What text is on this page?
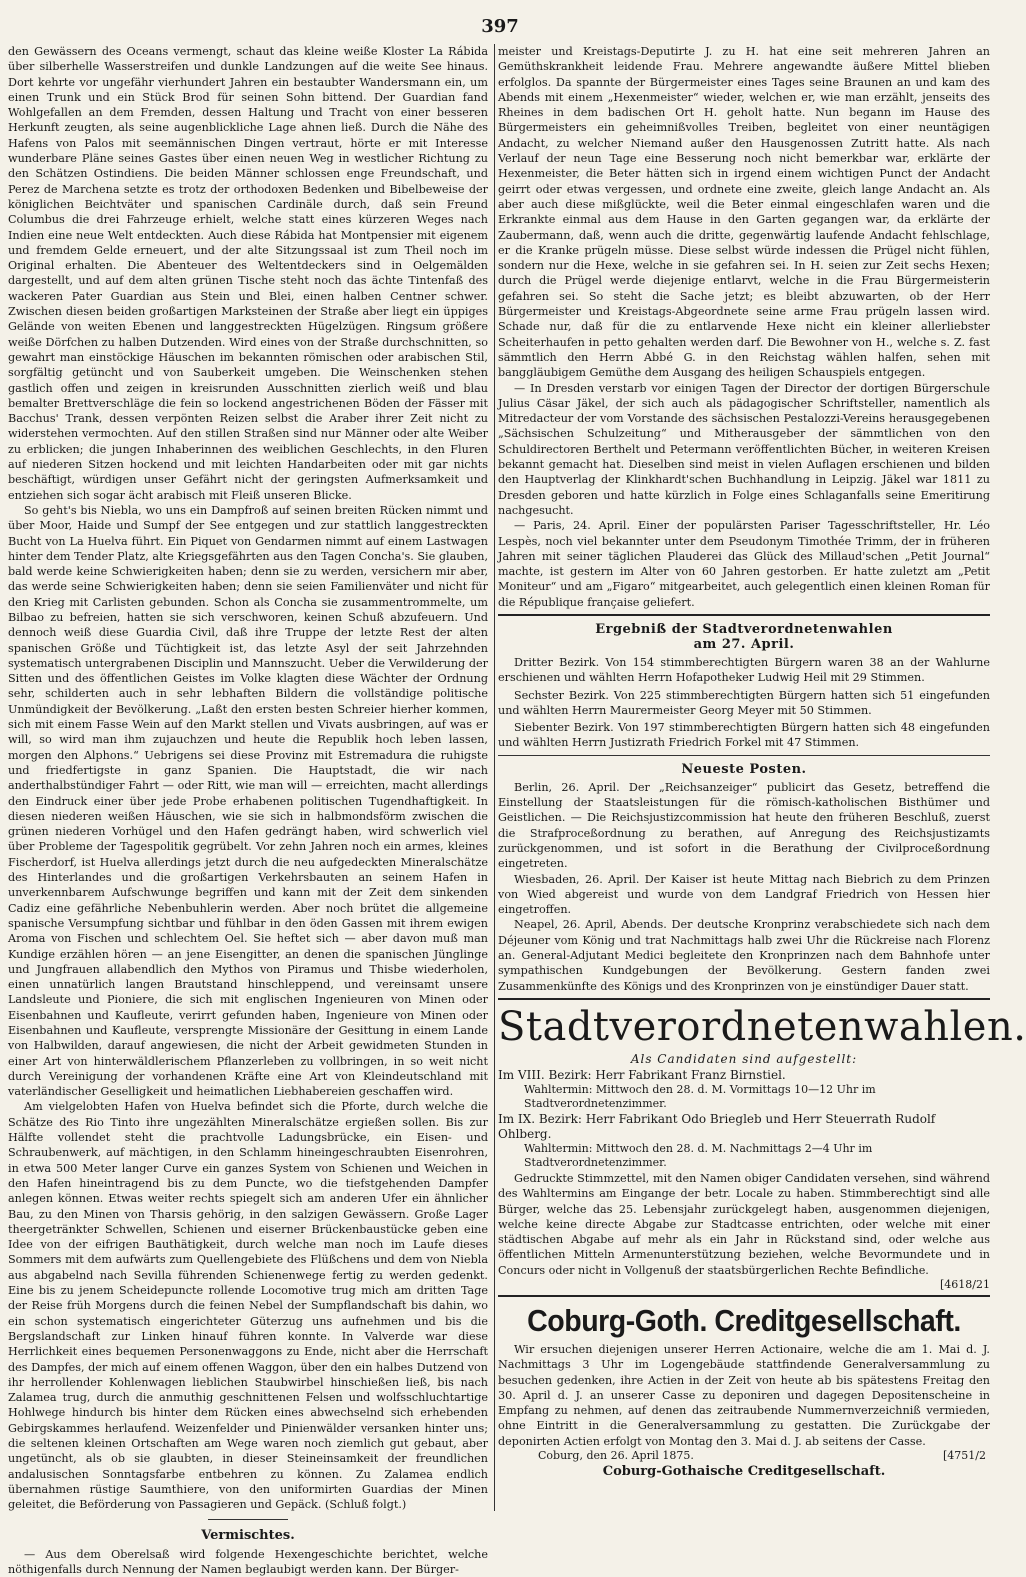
397

den Gewässern des Oceans vermengt, schaut das kleine weiße Kloster La Rábida über silberhelle Wasserstreifen und dunkle Landzungen auf die weite See hinaus. Dort kehrte vor ungefähr vierhundert Jahren ein bestaubter Wandersmann ein, um einen Trunk und ein Stück Brod für seinen Sohn bittend. Der Guardian fand Wohlgefallen an dem Fremden, dessen Haltung und Tracht von einer besseren Herkunft zeugten, als seine augenblickliche Lage ahnen ließ. Durch die Nähe des Hafens von Palos mit seemännischen Dingen vertraut, hörte er mit Interesse wunderbare Pläne seines Gastes über einen neuen Weg in westlicher Richtung zu den Schätzen Ostindiens. Die beiden Männer schlossen enge Freundschaft, und Perez de Marchena setzte es trotz der orthodoxen Bedenken und Bibelbeweise der königlichen Beichtväter und spanischen Cardinäle durch, daß sein Freund Columbus die drei Fahrzeuge erhielt, welche statt eines kürzeren Weges nach Indien eine neue Welt entdeckten. Auch diese Rábida hat Montpensier mit eigenem und fremdem Gelde erneuert, und der alte Sitzungssaal ist zum Theil noch im Original erhalten. Die Abenteuer des Weltentdeckers sind in Oelgemälden dargestellt, und auf dem alten grünen Tische steht noch das ächte Tintenfaß des wackeren Pater Guardian aus Stein und Blei, einen halben Centner schwer. Zwischen diesen beiden großartigen Marksteinen der Straße aber liegt ein üppiges Gelände von weiten Ebenen und langgestreckten Hügelzügen. Ringsum größere weiße Dörfchen zu halben Dutzenden. Wird eines von der Straße durchschnitten, so gewahrt man einstöckige Häuschen im bekannten römischen oder arabischen Stil, sorgfältig getüncht und von Sauberkeit umgeben. Die Weinschenken stehen gastlich offen und zeigen in kreisrunden Ausschnitten zierlich weiß und blau bemalter Brettverschläge die fein so lockend angestrichenen Böden der Fässer mit Bacchus' Trank, dessen verpönten Reizen selbst die Araber ihrer Zeit nicht zu widerstehen vermochten. Auf den stillen Straßen sind nur Männer oder alte Weiber zu erblicken; die jungen Inhaberinnen des weiblichen Geschlechts, in den Fluren auf niederen Sitzen hockend und mit leichten Handarbeiten oder mit gar nichts beschäftigt, würdigen unser Gefährt nicht der geringsten Aufmerksamkeit und entziehen sich sogar ächt arabisch mit Fleiß unseren Blicke.

So geht's bis Niebla, wo uns ein Dampfroß auf seinen breiten Rücken nimmt und über Moor, Haide und Sumpf der See entgegen und zur stattlich langgestreckten Bucht von La Huelva führt. Ein Piquet von Gendarmen nimmt auf einem Lastwagen hinter dem Tender Platz, alte Kriegsgefährten aus den Tagen Concha's. Sie glauben, bald werde keine Schwierigkeiten haben; denn sie zu werden, versichern mir aber, das werde seine Schwierigkeiten haben; denn sie seien Familienväter und nicht für den Krieg mit Carlisten gebunden. Schon als Concha sie zusammentrommelte, um Bilbao zu befreien, hatten sie sich verschworen, keinen Schuß abzufeuern. Und dennoch weiß diese Guardia Civil, daß ihre Truppe der letzte Rest der alten spanischen Größe und Tüchtigkeit ist, das letzte Asyl der seit Jahrzehnden systematisch untergrabenen Disciplin und Mannszucht. Ueber die Verwilderung der Sitten und des öffentlichen Geistes im Volke klagten diese Wächter der Ordnung sehr, schilderten auch in sehr lebhaften Bildern die vollständige politische Unmündigkeit der Bevölkerung. „Laßt den ersten besten Schreier hierher kommen, sich mit einem Fasse Wein auf den Markt stellen und Vivats ausbringen, auf was er will, so wird man ihm zujauchzen und heute die Republik hoch leben lassen, morgen den Alphons.“ Uebrigens sei diese Provinz mit Estremadura die ruhigste und friedfertigste in ganz Spanien. Die Hauptstadt, die wir nach anderthalbstündiger Fahrt — oder Ritt, wie man will — erreichten, macht allerdings den Eindruck einer über jede Probe erhabenen politischen Tugendhaftigkeit. In diesen niederen weißen Häuschen, wie sie sich in halbmondsförm zwischen die grünen niederen Vorhügel und den Hafen gedrängt haben, wird schwerlich viel über Probleme der Tagespolitik gegrübelt. Vor zehn Jahren noch ein armes, kleines Fischerdorf, ist Huelva allerdings jetzt durch die neu aufgedeckten Mineralschätze des Hinterlandes und die großartigen Verkehrsbauten an seinem Hafen in unverkennbarem Aufschwunge begriffen und kann mit der Zeit dem sinkenden Cadiz eine gefährliche Nebenbuhlerin werden. Aber noch brütet die allgemeine spanische Versumpfung sichtbar und fühlbar in den öden Gassen mit ihrem ewigen Aroma von Fischen und schlechtem Oel. Sie heftet sich — aber davon muß man Kundige erzählen hören — an jene Eisengitter, an denen die spanischen Jünglinge und Jungfrauen allabendlich den Mythos von Piramus und Thisbe wiederholen, einen unnatürlich langen Brautstand hinschleppend, und vereinsamt unsere Landsleute und Pioniere, die sich mit englischen Ingenieuren von Minen oder Eisenbahnen und Kaufleute, verirrt gefunden haben, Ingenieure von Minen oder Eisenbahnen und Kaufleute, versprengte Missionäre der Gesittung in einem Lande von Halbwilden, darauf angewiesen, die nicht der Arbeit gewidmeten Stunden in einer Art von hinterwäldlerischem Pflanzerleben zu vollbringen, in so weit nicht durch Vereinigung der vorhandenen Kräfte eine Art von Kleindeutschland mit vaterländischer Geselligkeit und heimatlichen Liebhabereien geschaffen wird.

Am vielgelobten Hafen von Huelva befindet sich die Pforte, durch welche die Schätze des Rio Tinto ihre ungezählten Mineralschätze ergießen sollen. Bis zur Hälfte vollendet steht die prachtvolle Ladungsbrücke, ein Eisen- und Schraubenwerk, auf mächtigen, in den Schlamm hineingeschraubten Eisenrohren, in etwa 500 Meter langer Curve ein ganzes System von Schienen und Weichen in den Hafen hineintragend bis zu dem Puncte, wo die tiefstgehenden Dampfer anlegen können. Etwas weiter rechts spiegelt sich am anderen Ufer ein ähnlicher Bau, zu den Minen von Tharsis gehörig, in den salzigen Gewässern. Große Lager theergetränkter Schwellen, Schienen und eiserner Brückenbaustücke geben eine Idee von der eifrigen Bauthätigkeit, durch welche man noch im Laufe dieses Sommers mit dem aufwärts zum Quellengebiete des Flüßchens und dem von Niebla aus abgabelnd nach Sevilla führenden Schienenwege fertig zu werden gedenkt. Eine bis zu jenem Scheidepuncte rollende Locomotive trug mich am dritten Tage der Reise früh Morgens durch die feinen Nebel der Sumpflandschaft bis dahin, wo ein schon systematisch eingerichteter Güterzug uns aufnehmen und bis die Bergslandschaft zur Linken hinauf führen konnte. In Valverde war diese Herrlichkeit eines bequemen Personenwaggons zu Ende, nicht aber die Herrschaft des Dampfes, der mich auf einem offenen Waggon, über den ein halbes Dutzend von ihr herrollender Kohlenwagen lieblichen Staubwirbel hinschießen ließ, bis nach Zalamea trug, durch die anmuthig geschnittenen Felsen und wolfsschluchtartige Hohlwege hindurch bis hinter dem Rücken eines abwechselnd sich erhebenden Gebirgskammes herlaufend. Weizenfelder und Pinienwälder versanken hinter uns; die seltenen kleinen Ortschaften am Wege waren noch ziemlich gut gebaut, aber ungetüncht, als ob sie glaubten, in dieser Steineinsamkeit der freundlichen andalusischen Sonntagsfarbe entbehren zu können. Zu Zalamea endlich übernahmen rüstige Saumthiere, von den uniformirten Guardias der Minen geleitet, die Beförderung von Passagieren und Gepäck. (Schluß folgt.)

Vermischtes.

— Aus dem Oberelsaß wird folgende Hexengeschichte berichtet, welche nöthigenfalls durch Nennung der Namen beglaubigt werden kann. Der Bürger-

meister und Kreistags-Deputirte J. zu H. hat eine seit mehreren Jahren an Gemüthskrankheit leidende Frau. Mehrere angewandte äußere Mittel blieben erfolglos. Da spannte der Bürgermeister eines Tages seine Braunen an und kam des Abends mit einem „Hexenmeister“ wieder, welchen er, wie man erzählt, jenseits des Rheines in dem badischen Ort H. geholt hatte. Nun begann im Hause des Bürgermeisters ein geheimnißvolles Treiben, begleitet von einer neuntägigen Andacht, zu welcher Niemand außer den Hausgenossen Zutritt hatte. Als nach Verlauf der neun Tage eine Besserung noch nicht bemerkbar war, erklärte der Hexenmeister, die Beter hätten sich in irgend einem wichtigen Punct der Andacht geirrt oder etwas vergessen, und ordnete eine zweite, gleich lange Andacht an. Als aber auch diese mißglückte, weil die Beter einmal eingeschlafen waren und die Erkrankte einmal aus dem Hause in den Garten gegangen war, da erklärte der Zaubermann, daß, wenn auch die dritte, gegenwärtig laufende Andacht fehlschlage, er die Kranke prügeln müsse. Diese selbst würde indessen die Prügel nicht fühlen, sondern nur die Hexe, welche in sie gefahren sei. In H. seien zur Zeit sechs Hexen; durch die Prügel werde diejenige entlarvt, welche in die Frau Bürgermeisterin gefahren sei. So steht die Sache jetzt; es bleibt abzuwarten, ob der Herr Bürgermeister und Kreistags-Abgeordnete seine arme Frau prügeln lassen wird. Schade nur, daß für die zu entlarvende Hexe nicht ein kleiner allerliebster Scheiterhaufen in petto gehalten werden darf. Die Bewohner von H., welche s. Z. fast sämmtlich den Herrn Abbé G. in den Reichstag wählen halfen, sehen mit banggläubigem Gemüthe dem Ausgang des heiligen Schauspiels entgegen.

— In Dresden verstarb vor einigen Tagen der Director der dortigen Bürgerschule Julius Cäsar Jäkel, der sich auch als pädagogischer Schriftsteller, namentlich als Mitredacteur der vom Vorstande des sächsischen Pestalozzi-Vereins herausgegebenen „Sächsischen Schulzeitung“ und Mitherausgeber der sämmtlichen von den Schuldirectoren Berthelt und Petermann veröffentlichten Bücher, in weiteren Kreisen bekannt gemacht hat. Dieselben sind meist in vielen Auflagen erschienen und bilden den Hauptverlag der Klinkhardt'schen Buchhandlung in Leipzig. Jäkel war 1811 zu Dresden geboren und hatte kürzlich in Folge eines Schlaganfalls seine Emeritirung nachgesucht.

— Paris, 24. April. Einer der populärsten Pariser Tagesschriftsteller, Hr. Léo Lespès, noch viel bekannter unter dem Pseudonym Timothée Trimm, der in früheren Jahren mit seiner täglichen Plauderei das Glück des Millaud'schen „Petit Journal“ machte, ist gestern im Alter von 60 Jahren gestorben. Er hatte zuletzt am „Petit Moniteur“ und am „Figaro“ mitgearbeitet, auch gelegentlich einen kleinen Roman für die République française geliefert.

Ergebniß der Stadtverordnetenwahlen
am 27. April.

Dritter Bezirk. Von 154 stimmberechtigten Bürgern waren 38 an der Wahlurne erschienen und wählten Herrn Hofapotheker Ludwig Heil mit 29 Stimmen.

Sechster Bezirk. Von 225 stimmberechtigten Bürgern hatten sich 51 eingefunden und wählten Herrn Maurermeister Georg Meyer mit 50 Stimmen.

Siebenter Bezirk. Von 197 stimmberechtigten Bürgern hatten sich 48 eingefunden und wählten Herrn Justizrath Friedrich Forkel mit 47 Stimmen.

Neueste Posten.

Berlin, 26. April. Der „Reichsanzeiger“ publicirt das Gesetz, betreffend die Einstellung der Staatsleistungen für die römisch-katholischen Bisthümer und Geistlichen. — Die Reichsjustizcommission hat heute den früheren Beschluß, zuerst die Strafproceßordnung zu berathen, auf Anregung des Reichsjustizamts zurückgenommen, und ist sofort in die Berathung der Civilproceßordnung eingetreten.

Wiesbaden, 26. April. Der Kaiser ist heute Mittag nach Biebrich zu dem Prinzen von Wied abgereist und wurde von dem Landgraf Friedrich von Hessen hier eingetroffen.

Neapel, 26. April, Abends. Der deutsche Kronprinz verabschiedete sich nach dem Déjeuner vom König und trat Nachmittags halb zwei Uhr die Rückreise nach Florenz an. General-Adjutant Medici begleitete den Kronprinzen nach dem Bahnhofe unter sympathischen Kundgebungen der Bevölkerung. Gestern fanden zwei Zusammenkünfte des Königs und des Kronprinzen von je einstündiger Dauer statt.

Stadtverordnetenwahlen.
Als Candidaten sind aufgestellt:

Im VIII. Bezirk: Herr Fabrikant Franz Birnstiel.

Wahltermin: Mittwoch den 28. d. M. Vormittags 10—12 Uhr im Stadtverordnetenzimmer.

Im IX. Bezirk: Herr Fabrikant Odo Briegleb und Herr Steuerrath Rudolf Ohlberg.

Wahltermin: Mittwoch den 28. d. M. Nachmittags 2—4 Uhr im Stadtverordnetenzimmer.

Gedruckte Stimmzettel, mit den Namen obiger Candidaten versehen, sind während des Wahltermins am Eingange der betr. Locale zu haben. Stimmberechtigt sind alle Bürger, welche das 25. Lebensjahr zurückgelegt haben, ausgenommen diejenigen, welche keine directe Abgabe zur Stadtcasse entrichten, oder welche mit einer städtischen Abgabe auf mehr als ein Jahr in Rückstand sind, oder welche aus öffentlichen Mitteln Armenunterstützung beziehen, welche Bevormundete und in Concurs oder nicht in Vollgenuß der staatsbürgerlichen Rechte Befindliche.

[4618/21

Coburg-Goth. Creditgesellschaft.

Wir ersuchen diejenigen unserer Herren Actionaire, welche die am 1. Mai d. J. Nachmittags 3 Uhr im Logengebäude stattfindende Generalversammlung zu besuchen gedenken, ihre Actien in der Zeit von heute ab bis spätestens Freitag den 30. April d. J. an unserer Casse zu deponiren und dagegen Depositenscheine in Empfang zu nehmen, auf denen das zeitraubende Nummernverzeichniß vermieden, ohne Eintritt in die Generalversammlung zu gestatten. Die Zurückgabe der deponirten Actien erfolgt von Montag den 3. Mai d. J. ab seitens der Casse.

Coburg, den 26. April 1875.	[4751/2
Coburg-Gothaische Creditgesellschaft.
